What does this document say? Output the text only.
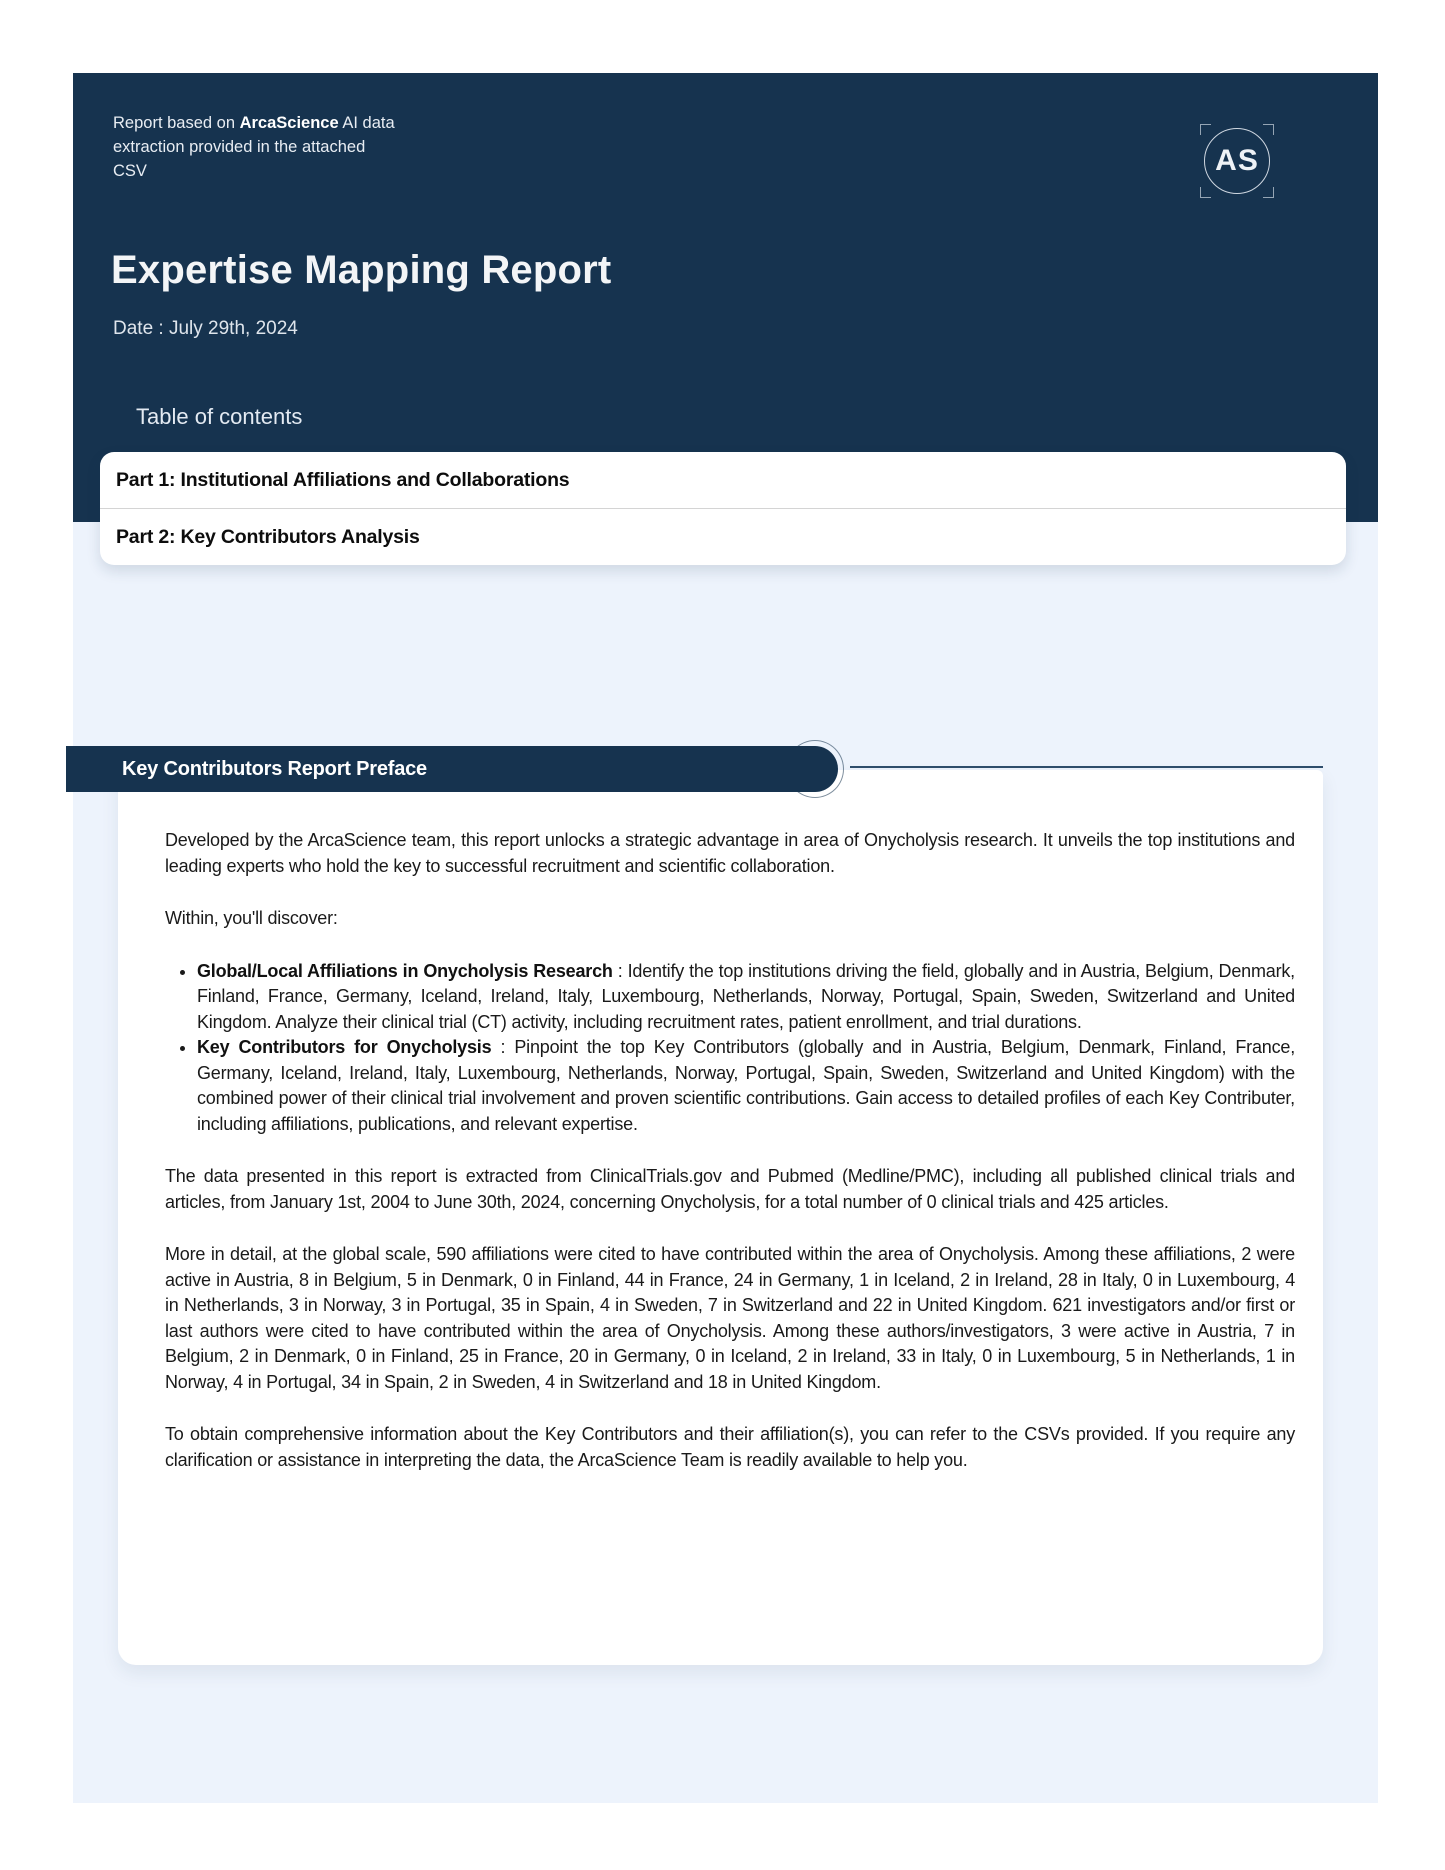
Report based on ArcaScience AI data extraction provided in the attached CSV	AS
Expertise Mapping Report
Date : July 29th, 2024
Table of contents
Part 1: Institutional Affiliations and Collaborations
Part 2: Key Contributors Analysis
Key Contributors Report Preface

Developed by the ArcaScience team, this report unlocks a strategic advantage in area of Onycholysis research. It unveils the top institutions and leading experts who hold the key to successful recruitment and scientific collaboration.

Within, you'll discover:

• Global/Local Affiliations in Onycholysis Research : Identify the top institutions driving the field, globally and in Austria, Belgium, Denmark, Finland, France, Germany, Iceland, Ireland, Italy, Luxembourg, Netherlands, Norway, Portugal, Spain, Sweden, Switzerland and United Kingdom. Analyze their clinical trial (CT) activity, including recruitment rates, patient enrollment, and trial durations.
• Key Contributors for Onycholysis : Pinpoint the top Key Contributors (globally and in Austria, Belgium, Denmark, Finland, France, Germany, Iceland, Ireland, Italy, Luxembourg, Netherlands, Norway, Portugal, Spain, Sweden, Switzerland and United Kingdom) with the combined power of their clinical trial involvement and proven scientific contributions. Gain access to detailed profiles of each Key Contributer, including affiliations, publications, and relevant expertise.

The data presented in this report is extracted from ClinicalTrials.gov and Pubmed (Medline/PMC), including all published clinical trials and articles, from January 1st, 2004 to June 30th, 2024, concerning Onycholysis, for a total number of 0 clinical trials and 425 articles.

More in detail, at the global scale, 590 affiliations were cited to have contributed within the area of Onycholysis. Among these affiliations, 2 were active in Austria, 8 in Belgium, 5 in Denmark, 0 in Finland, 44 in France, 24 in Germany, 1 in Iceland, 2 in Ireland, 28 in Italy, 0 in Luxembourg, 4 in Netherlands, 3 in Norway, 3 in Portugal, 35 in Spain, 4 in Sweden, 7 in Switzerland and 22 in United Kingdom. 621 investigators and/or first or last authors were cited to have contributed within the area of Onycholysis. Among these authors/investigators, 3 were active in Austria, 7 in Belgium, 2 in Denmark, 0 in Finland, 25 in France, 20 in Germany, 0 in Iceland, 2 in Ireland, 33 in Italy, 0 in Luxembourg, 5 in Netherlands, 1 in Norway, 4 in Portugal, 34 in Spain, 2 in Sweden, 4 in Switzerland and 18 in United Kingdom.

To obtain comprehensive information about the Key Contributors and their affiliation(s), you can refer to the CSVs provided. If you require any clarification or assistance in interpreting the data, the ArcaScience Team is readily available to help you.
